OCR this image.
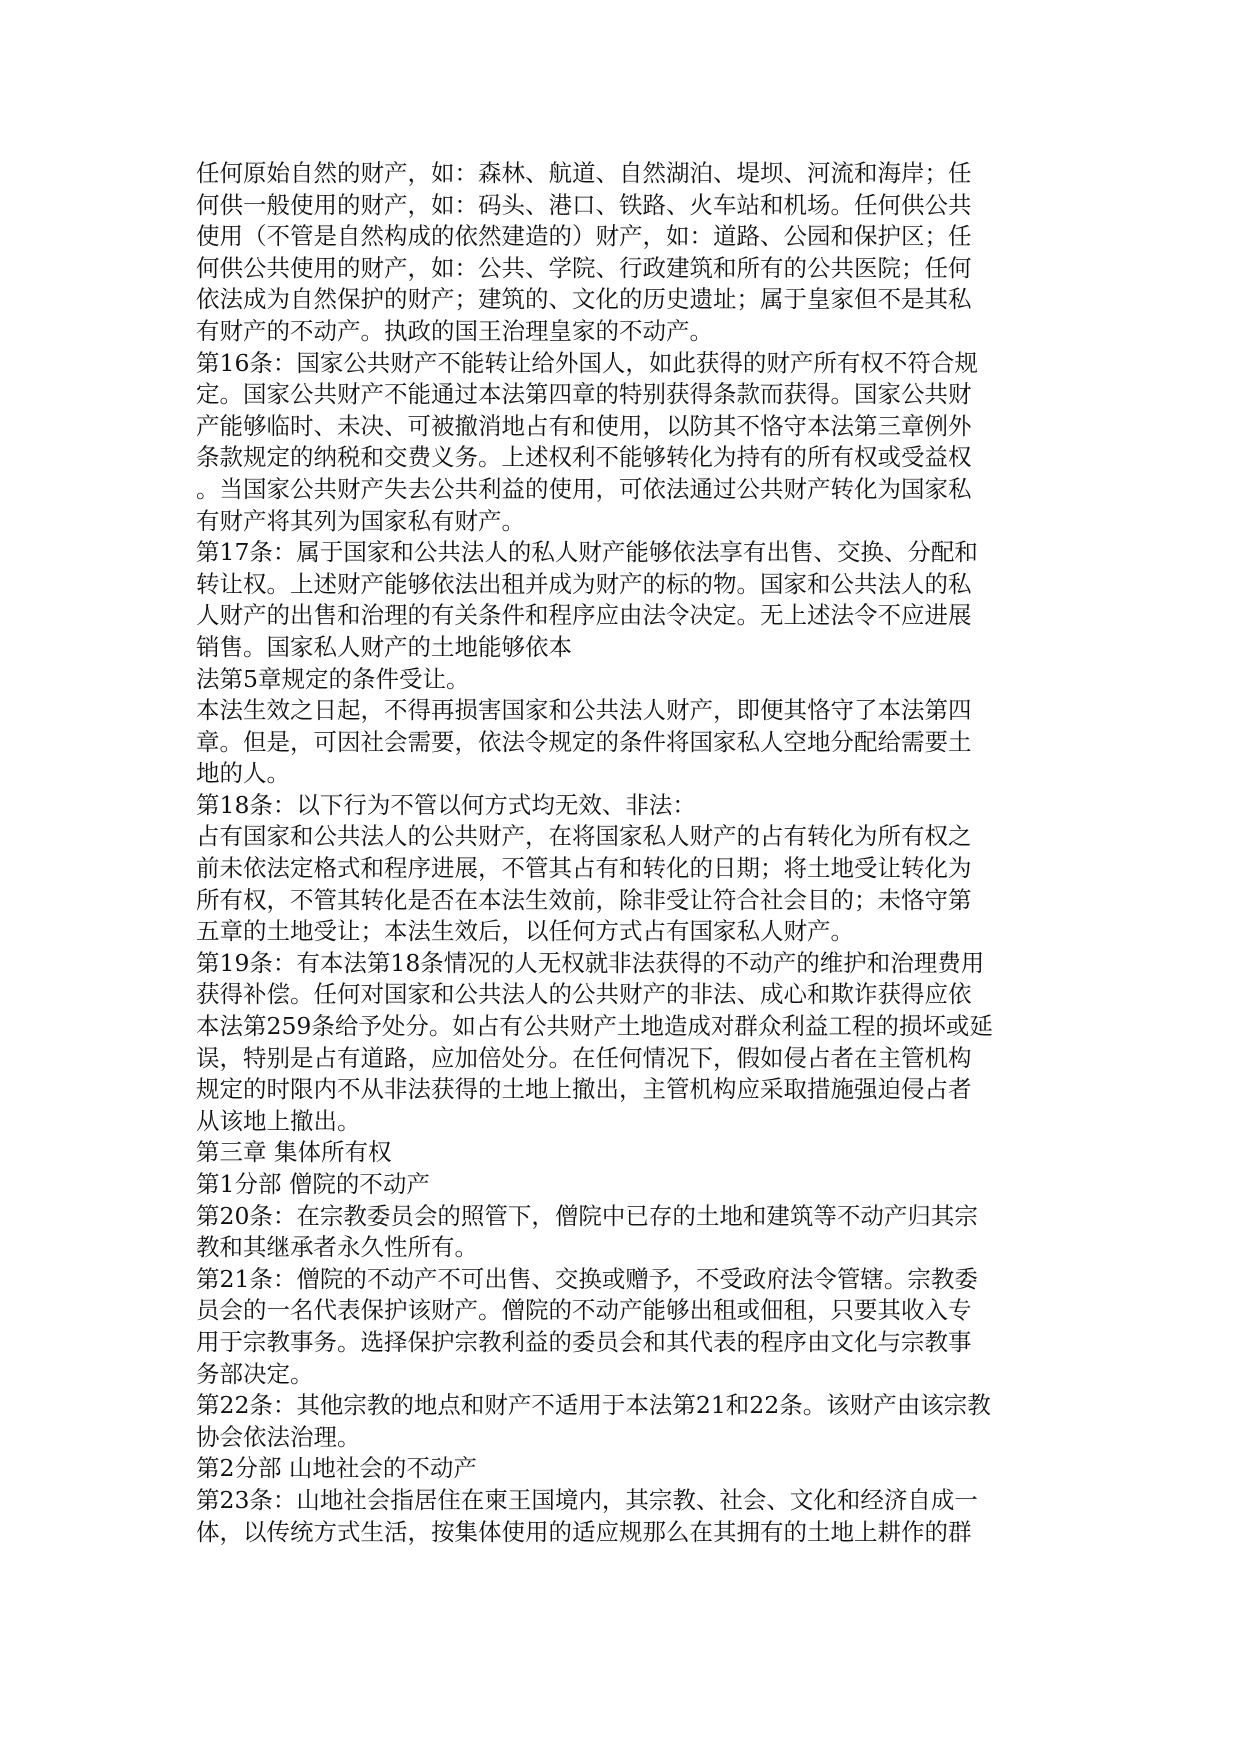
任何原始自然的财产，如：森林、航道、自然湖泊、堤坝、河流和海岸；任

何供一般使用的财产，如：码头、港口、铁路、火车站和机场。任何供公共

使用（不管是自然构成的依然建造的）财产，如：道路、公园和保护区；任

何供公共使用的财产，如：公共、学院、行政建筑和所有的公共医院；任何

依法成为自然保护的财产；建筑的、文化的历史遗址；属于皇家但不是其私

有财产的不动产。执政的国王治理皇家的不动产。

第16条：国家公共财产不能转让给外国人，如此获得的财产所有权不符合规

定。国家公共财产不能通过本法第四章的特别获得条款而获得。国家公共财

产能够临时、未决、可被撤消地占有和使用，以防其不恪守本法第三章例外

条款规定的纳税和交费义务。上述权利不能够转化为持有的所有权或受益权

。当国家公共财产失去公共利益的使用，可依法通过公共财产转化为国家私

有财产将其列为国家私有财产。

第17条：属于国家和公共法人的私人财产能够依法享有出售、交换、分配和

转让权。上述财产能够依法出租并成为财产的标的物。国家和公共法人的私

人财产的出售和治理的有关条件和程序应由法令决定。无上述法令不应进展

销售。国家私人财产的土地能够依本

法第5章规定的条件受让。

本法生效之日起，不得再损害国家和公共法人财产，即便其恪守了本法第四

章。但是，可因社会需要，依法令规定的条件将国家私人空地分配给需要土

地的人。

第18条：以下行为不管以何方式均无效、非法：

占有国家和公共法人的公共财产，在将国家私人财产的占有转化为所有权之

前未依法定格式和程序进展，不管其占有和转化的日期；将土地受让转化为

所有权，不管其转化是否在本法生效前，除非受让符合社会目的；未恪守第

五章的土地受让；本法生效后，以任何方式占有国家私人财产。

第19条：有本法第18条情况的人无权就非法获得的不动产的维护和治理费用

获得补偿。任何对国家和公共法人的公共财产的非法、成心和欺诈获得应依

本法第259条给予处分。如占有公共财产土地造成对群众利益工程的损坏或延

误，特别是占有道路，应加倍处分。在任何情况下，假如侵占者在主管机构

规定的时限内不从非法获得的土地上撤出，主管机构应采取措施强迫侵占者

从该地上撤出。

第三章 集体所有权

第1分部 僧院的不动产

第20条：在宗教委员会的照管下，僧院中已存的土地和建筑等不动产归其宗

教和其继承者永久性所有。

第21条：僧院的不动产不可出售、交换或赠予，不受政府法令管辖。宗教委

员会的一名代表保护该财产。僧院的不动产能够出租或佃租，只要其收入专

用于宗教事务。选择保护宗教利益的委员会和其代表的程序由文化与宗教事

务部决定。

第22条：其他宗教的地点和财产不适用于本法第21和22条。该财产由该宗教

协会依法治理。

第2分部 山地社会的不动产

第23条：山地社会指居住在柬王国境内，其宗教、社会、文化和经济自成一

体，以传统方式生活，按集体使用的适应规那么在其拥有的土地上耕作的群
